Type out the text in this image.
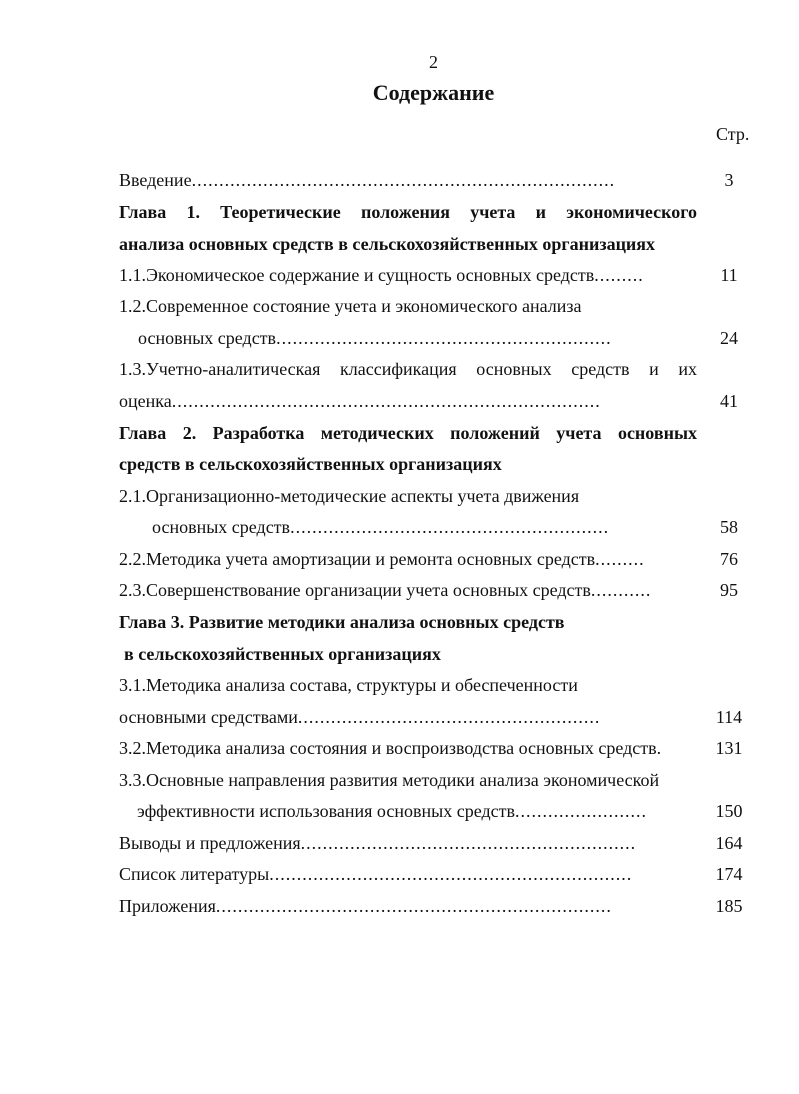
2
Содержание
Стр.
Введение.............................................................................	3
Глава 1. Теоретические положения учета и экономического
анализа основных средств в сельскохозяйственных организациях
1.1.Экономическое содержание и сущность основных средств.........	11
1.2.Современное состояние учета и экономического анализа
основных средств.............................................................	24
1.3.Учетно-аналитическая классификация основных средств и их
оценка..............................................................................	41
Глава 2. Разработка методических положений учета основных
средств в сельскохозяйственных организациях
2.1.Организационно-методические аспекты учета движения
основных средств..........................................................	58
2.2.Методика учета амортизации и ремонта основных средств.........	76
2.3.Совершенствование организации учета основных средств...........	95
Глава 3. Развитие методики анализа основных средств
в сельскохозяйственных организациях
3.1.Методика анализа состава, структуры и обеспеченности
основными средствами.......................................................	114
3.2.Методика анализа состояния и воспроизводства основных средств.	131
3.3.Основные направления развития методики анализа экономической
эффективности использования основных средств........................	150
Выводы и предложения.............................................................	164
Список литературы..................................................................	174
Приложения........................................................................	185
